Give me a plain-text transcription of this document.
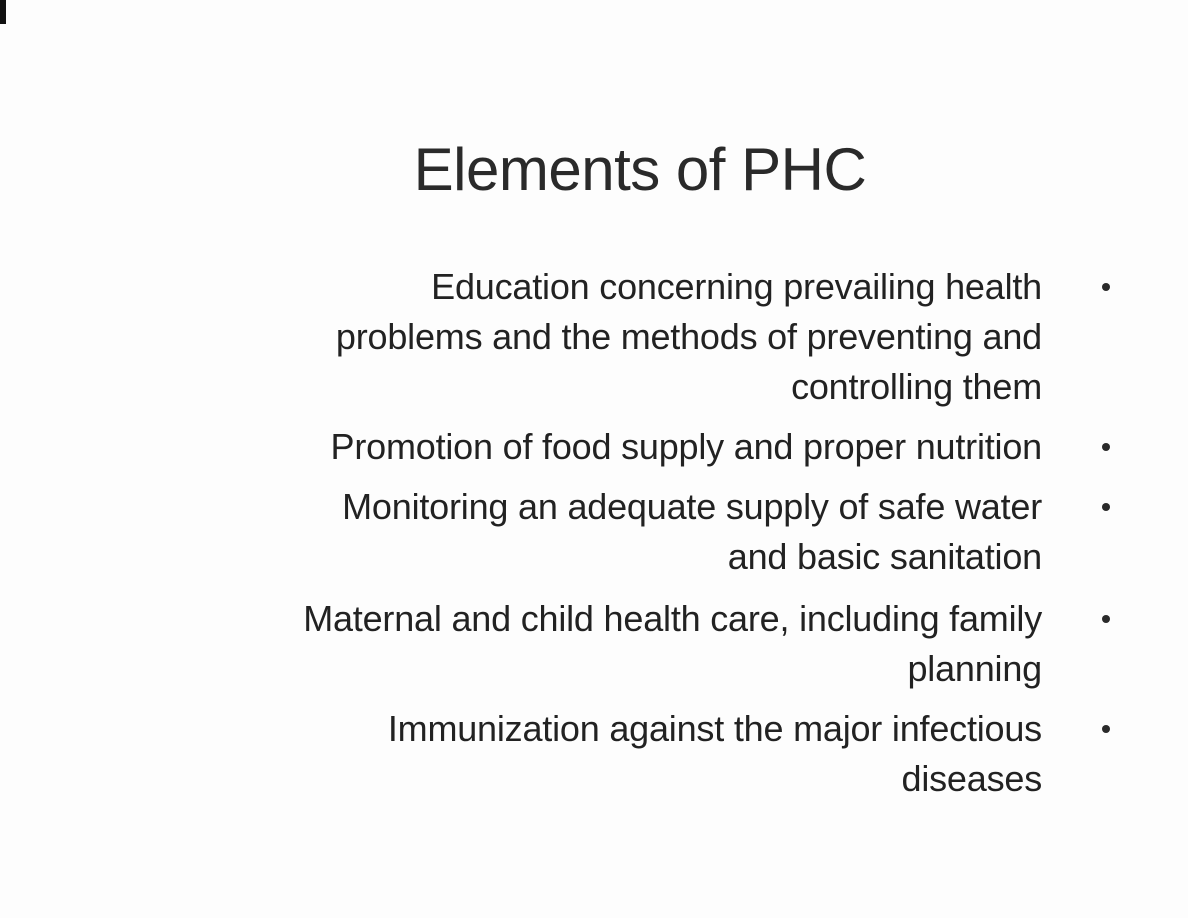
Elements of PHC
Education concerning prevailing health
problems and the methods of preventing and
controlling them
Promotion of food supply and proper nutrition
Monitoring an adequate supply of safe water
and basic sanitation
Maternal and child health care, including family
planning
Immunization against the major infectious
diseases
